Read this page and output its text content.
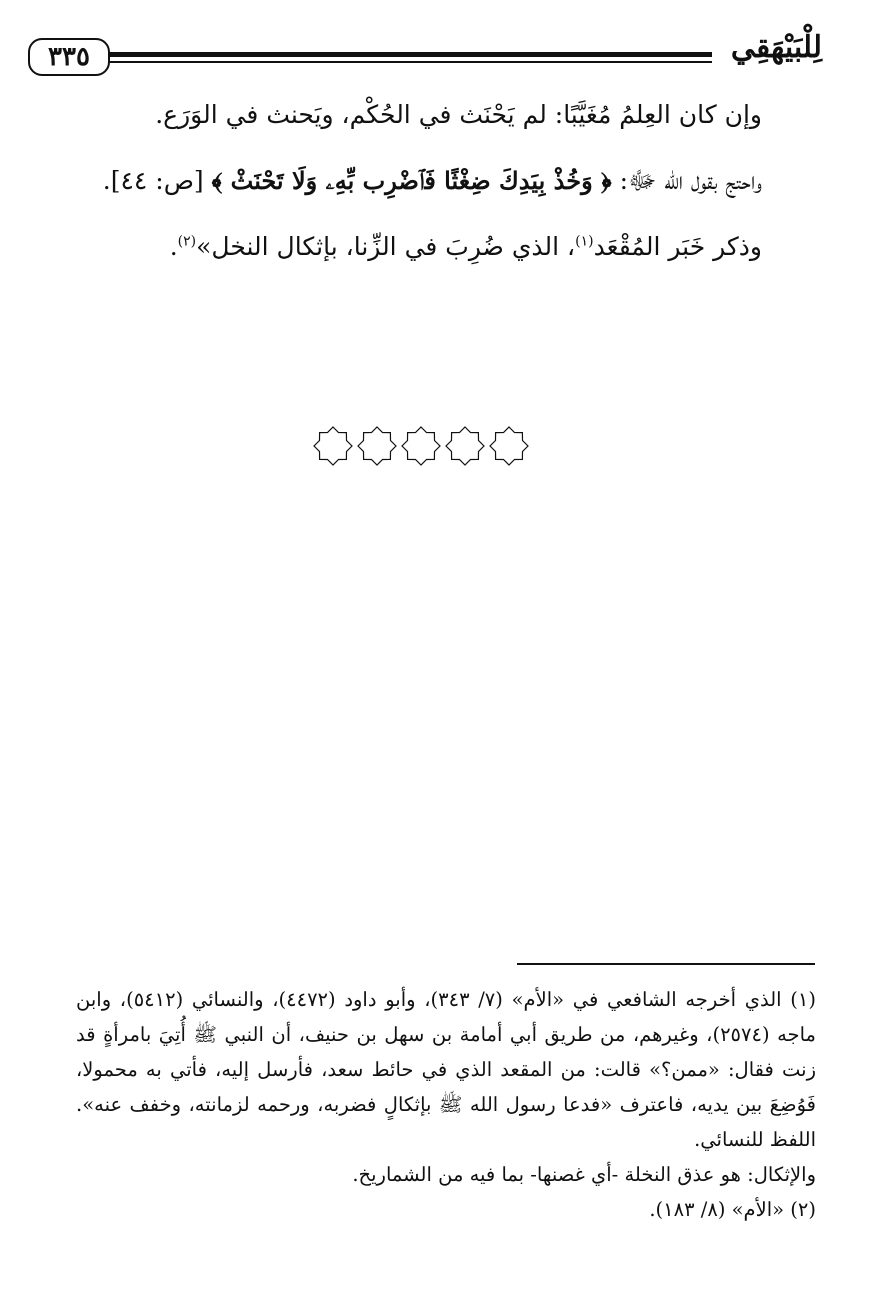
٣٣٥	لِلْبَيْهَقِي

وإن كان العِلمُ مُغَيَّبًا: لم يَحْنَث في الحُكْم، ويَحنث في الوَرَع.

واحتج بقول الله ﷻ: ﴿ وَخُذْ بِيَدِكَ ضِغْثًا فَٱضْرِب بِّهِۦ وَلَا تَحْنَثْ ﴾ [ص: ٤٤].

وذكر خَبَر المُقْعَد$^{(١)}$، الذي ضُرِبَ في الزِّنا، بإثكال النخل»$^{(٢)}$.

(١) الذي أخرجه الشافعي في «الأم» (٧/ ٣٤٣)، وأبو داود (٤٤٧٢)، والنسائي (٥٤١٢)، وابن ماجه (٢٥٧٤)، وغيرهم، من طريق أبي أمامة بن سهل بن حنيف، أن النبي ﷺ أُتِيَ بامرأةٍ قد زنت فقال: «ممن؟» قالت: من المقعد الذي في حائط سعد، فأرسل إليه، فأتي به محمولا، فَوُضِعَ بين يديه، فاعترف «فدعا رسول الله ﷺ بإثكالٍ فضربه، ورحمه لزمانته، وخفف عنه». اللفظ للنسائي.

والإثكال: هو عذق النخلة -أي غصنها- بما فيه من الشماريخ.

(٢) «الأم» (٨/ ١٨٣).
